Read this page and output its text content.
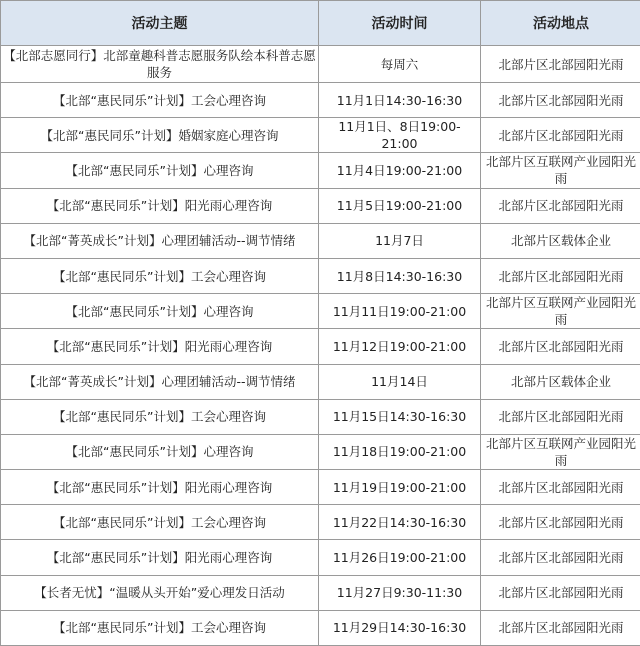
活动主题	活动时间	活动地点
【北部志愿同行】北部童趣科普志愿服务队绘本科普志愿服务	每周六	北部片区北部园阳光雨
【北部“惠民同乐”计划】工会心理咨询	11月1日14:30-16:30	北部片区北部园阳光雨
【北部“惠民同乐”计划】婚姻家庭心理咨询	11月1日、8日19:00-21:00	北部片区北部园阳光雨
【北部“惠民同乐”计划】心理咨询	11月4日19:00-21:00	北部片区互联网产业园阳光雨
【北部“惠民同乐”计划】阳光雨心理咨询	11月5日19:00-21:00	北部片区北部园阳光雨
【北部“菁英成长”计划】心理团辅活动--调节情绪	11月7日	北部片区载体企业
【北部“惠民同乐”计划】工会心理咨询	11月8日14:30-16:30	北部片区北部园阳光雨
【北部“惠民同乐”计划】心理咨询	11月11日19:00-21:00	北部片区互联网产业园阳光雨
【北部“惠民同乐”计划】阳光雨心理咨询	11月12日19:00-21:00	北部片区北部园阳光雨
【北部“菁英成长”计划】心理团辅活动--调节情绪	11月14日	北部片区载体企业
【北部“惠民同乐”计划】工会心理咨询	11月15日14:30-16:30	北部片区北部园阳光雨
【北部“惠民同乐”计划】心理咨询	11月18日19:00-21:00	北部片区互联网产业园阳光雨
【北部“惠民同乐”计划】阳光雨心理咨询	11月19日19:00-21:00	北部片区北部园阳光雨
【北部“惠民同乐”计划】工会心理咨询	11月22日14:30-16:30	北部片区北部园阳光雨
【北部“惠民同乐”计划】阳光雨心理咨询	11月26日19:00-21:00	北部片区北部园阳光雨
【长者无忧】“温暖从头开始”爱心理发日活动	11月27日9:30-11:30	北部片区北部园阳光雨
【北部“惠民同乐”计划】工会心理咨询	11月29日14:30-16:30	北部片区北部园阳光雨
